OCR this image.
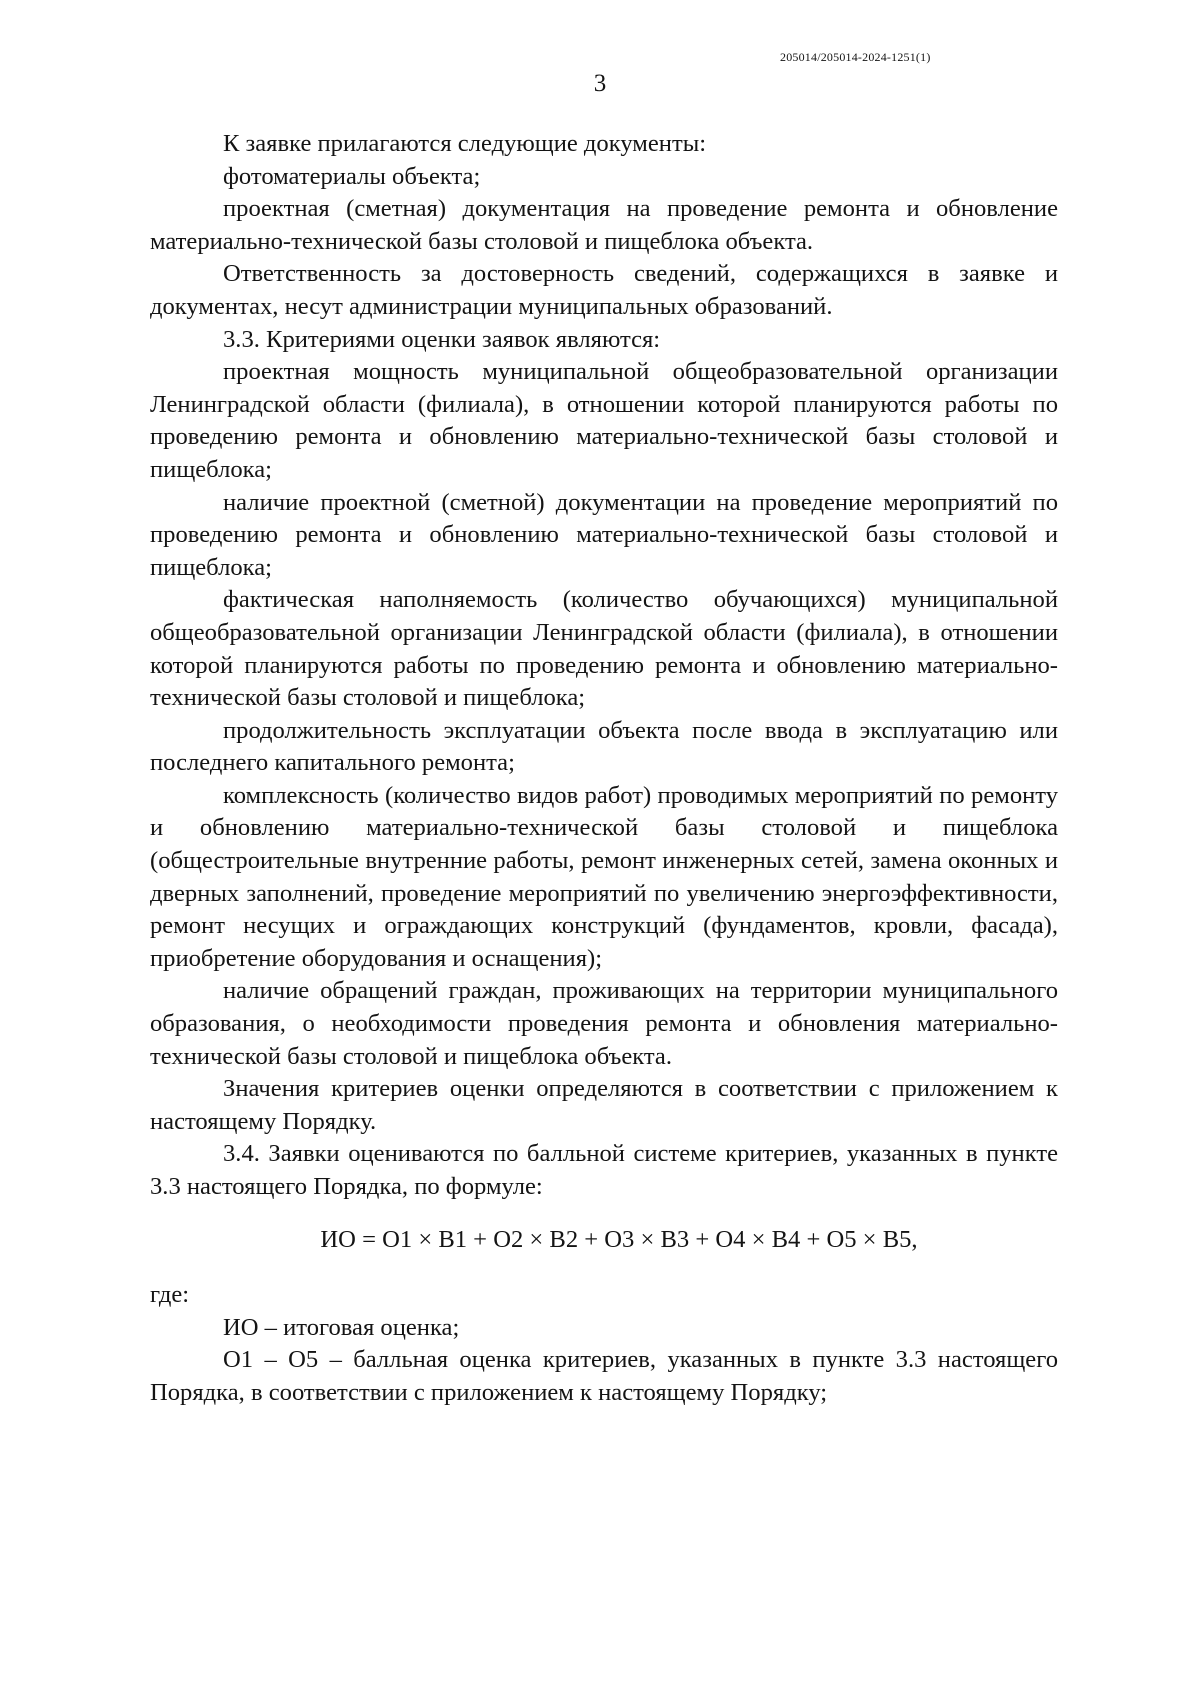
205014/205014-2024-1251(1)
3

К заявке прилагаются следующие документы:

фотоматериалы объекта;

проектная (сметная) документация на проведение ремонта и обновление материально-технической базы столовой и пищеблока объекта.

Ответственность за достоверность сведений, содержащихся в заявке и документах, несут администрации муниципальных образований.

3.3. Критериями оценки заявок являются:

проектная мощность муниципальной общеобразовательной организации Ленинградской области (филиала), в отношении которой планируются работы по проведению ремонта и обновлению материально-технической базы столовой и пищеблока;

наличие проектной (сметной) документации на проведение мероприятий по проведению ремонта и обновлению материально-технической базы столовой и пищеблока;

фактическая наполняемость (количество обучающихся) муниципальной общеобразовательной организации Ленинградской области (филиала), в отношении которой планируются работы по проведению ремонта и обновлению материально-технической базы столовой и пищеблока;

продолжительность эксплуатации объекта после ввода в эксплуатацию или последнего капитального ремонта;

комплексность (количество видов работ) проводимых мероприятий по ремонту и обновлению материально-технической базы столовой и пищеблока (общестроительные внутренние работы, ремонт инженерных сетей, замена оконных и дверных заполнений, проведение мероприятий по увеличению энергоэффективности, ремонт несущих и ограждающих конструкций (фундаментов, кровли, фасада), приобретение оборудования и оснащения);

наличие обращений граждан, проживающих на территории муниципального образования, о необходимости проведения ремонта и обновления материально-технической базы столовой и пищеблока объекта.

Значения критериев оценки определяются в соответствии с приложением к настоящему Порядку.

3.4. Заявки оцениваются по балльной системе критериев, указанных в пункте 3.3 настоящего Порядка, по формуле:

ИО = О1 × В1 + О2 × В2 + О3 × В3 + О4 × В4 + О5 × В5,

где:

ИО – итоговая оценка;

О1 – О5 – балльная оценка критериев, указанных в пункте 3.3 настоящего Порядка, в соответствии с приложением к настоящему Порядку;
